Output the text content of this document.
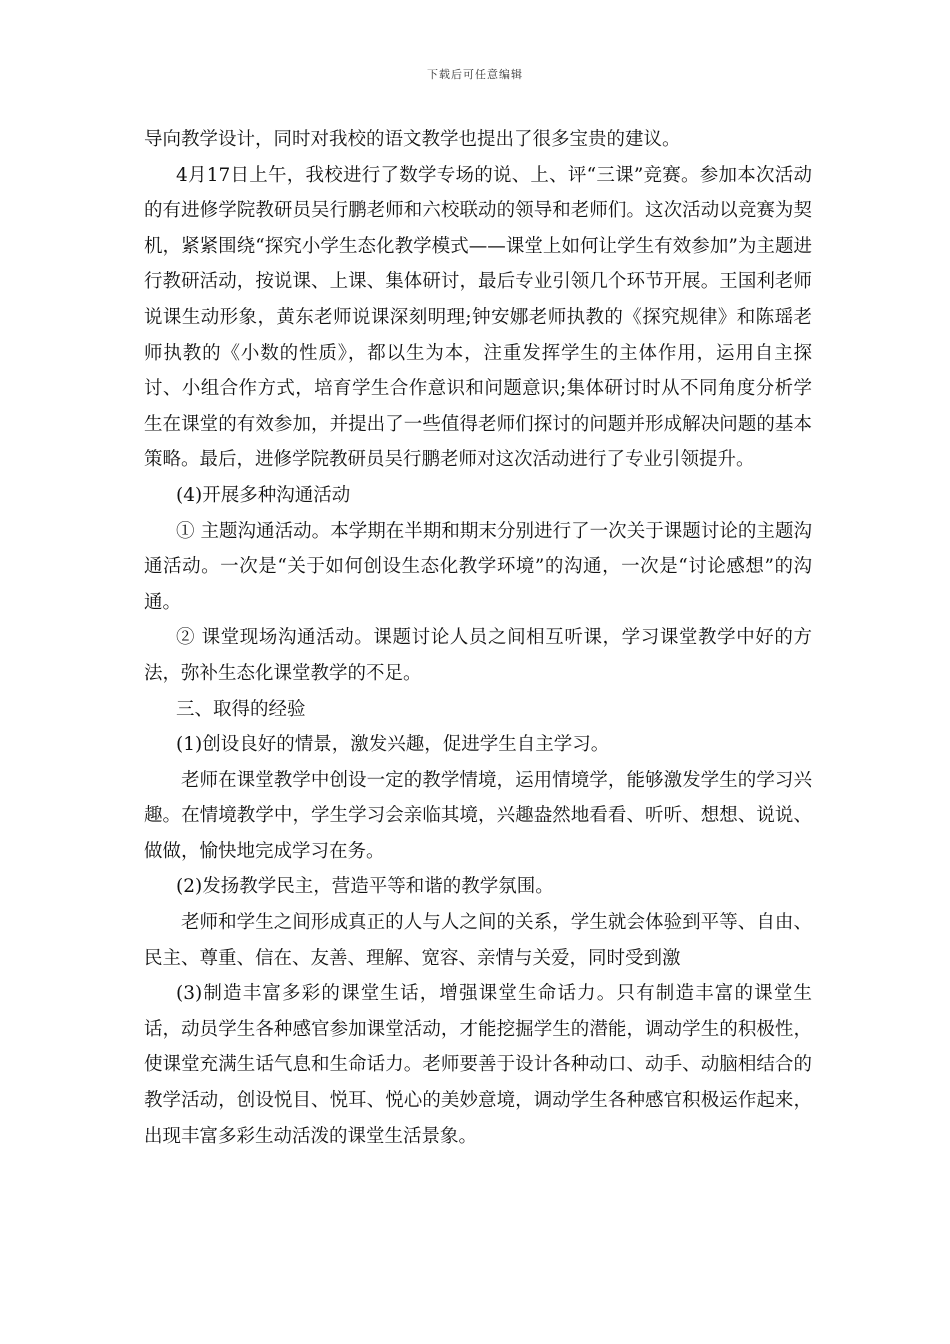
下载后可任意编辑

导向教学设计，同时对我校的语文教学也提出了很多宝贵的建议。

4月17日上午，我校进行了数学专场的说、上、评“三课”竞赛。参加本次活动的有进修学院教研员吴行鹏老师和六校联动的领导和老师们。这次活动以竞赛为契机，紧紧围绕“探究小学生态化教学模式——课堂上如何让学生有效参加”为主题进行教研活动，按说课、上课、集体研讨，最后专业引领几个环节开展。王国利老师说课生动形象，黄东老师说课深刻明理;钟安娜老师执教的《探究规律》和陈瑶老师执教的《小数的性质》，都以生为本，注重发挥学生的主体作用，运用自主探讨、小组合作方式，培育学生合作意识和问题意识;集体研讨时从不同角度分析学生在课堂的有效参加，并提出了一些值得老师们探讨的问题并形成解决问题的基本策略。最后，进修学院教研员吴行鹏老师对这次活动进行了专业引领提升。

(4)开展多种沟通活动

① 主题沟通活动。本学期在半期和期末分别进行了一次关于课题讨论的主题沟通活动。一次是“关于如何创设生态化教学环境”的沟通，一次是“讨论感想”的沟通。

② 课堂现场沟通活动。课题讨论人员之间相互听课，学习课堂教学中好的方法，弥补生态化课堂教学的不足。

三、取得的经验

(1)创设良好的情景，激发兴趣，促进学生自主学习。

老师在课堂教学中创设一定的教学情境，运用情境学，能够激发学生的学习兴趣。在情境教学中，学生学习会亲临其境，兴趣盎然地看看、听听、想想、说说、做做，愉快地完成学习在务。

(2)发扬教学民主，营造平等和谐的教学氛围。

老师和学生之间形成真正的人与人之间的关系，学生就会体验到平等、自由、民主、尊重、信在、友善、理解、宽容、亲情与关爱，同时受到激

(3)制造丰富多彩的课堂生话，增强课堂生命话力。只有制造丰富的课堂生话，动员学生各种感官参加课堂活动，才能挖掘学生的潜能，调动学生的积极性，使课堂充满生话气息和生命话力。老师要善于设计各种动口、动手、动脑相结合的教学活动，创设悦目、悦耳、悦心的美妙意境，调动学生各种感官积极运作起来，出现丰富多彩生动活泼的课堂生活景象。
